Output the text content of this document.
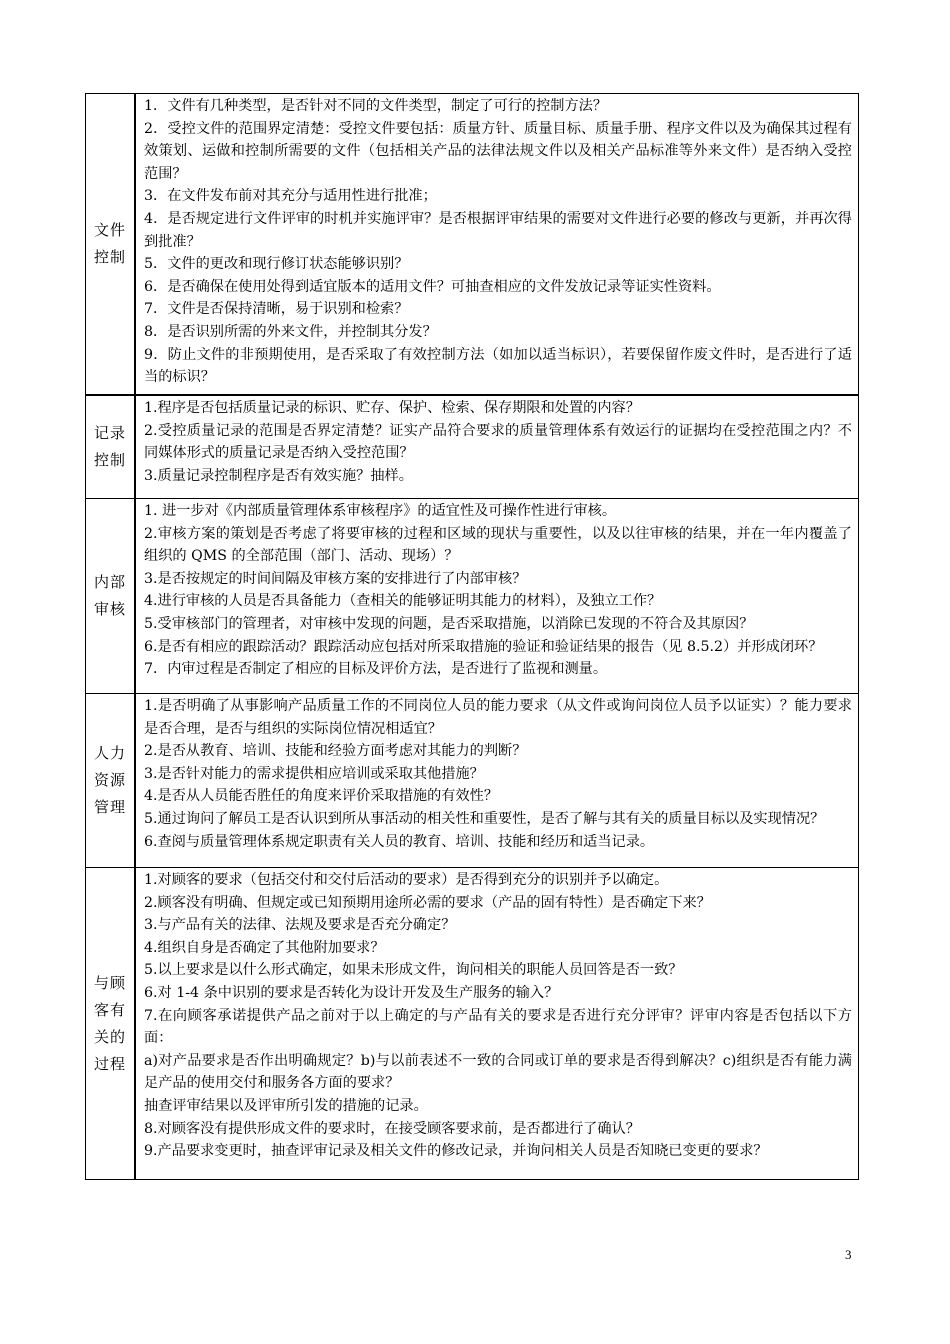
文件控制

1．文件有几种类型，是否针对不同的文件类型，制定了可行的控制方法？

2．受控文件的范围界定清楚：受控文件要包括：质量方针、质量目标、质量手册、程序文件以及为确保其过程有效策划、运做和控制所需要的文件（包括相关产品的法律法规文件以及相关产品标准等外来文件）是否纳入受控范围？

3．在文件发布前对其充分与适用性进行批准；

4．是否规定进行文件评审的时机并实施评审？是否根据评审结果的需要对文件进行必要的修改与更新，并再次得到批准？

5．文件的更改和现行修订状态能够识别？

6．是否确保在使用处得到适宜版本的适用文件？可抽查相应的文件发放记录等证实性资料。

7．文件是否保持清晰，易于识别和检索？

8．是否识别所需的外来文件，并控制其分发？

9．防止文件的非预期使用，是否采取了有效控制方法（如加以适当标识），若要保留作废文件时，是否进行了适当的标识？

记录控制

1.程序是否包括质量记录的标识、贮存、保护、检索、保存期限和处置的内容？

2.受控质量记录的范围是否界定清楚？证实产品符合要求的质量管理体系有效运行的证据均在受控范围之内？不同媒体形式的质量记录是否纳入受控范围？

3.质量记录控制程序是否有效实施？抽样。

内部审核

1. 进一步对《内部质量管理体系审核程序》的适宜性及可操作性进行审核。

2.审核方案的策划是否考虑了将要审核的过程和区域的现状与重要性，以及以往审核的结果，并在一年内覆盖了组织的 QMS 的全部范围（部门、活动、现场）？

3.是否按规定的时间间隔及审核方案的安排进行了内部审核？

4.进行审核的人员是否具备能力（查相关的能够证明其能力的材料），及独立工作？

5.受审核部门的管理者，对审核中发现的问题，是否采取措施，以消除已发现的不符合及其原因？

6.是否有相应的跟踪活动？跟踪活动应包括对所采取措施的验证和验证结果的报告（见 8.5.2）并形成闭环？

7．内审过程是否制定了相应的目标及评价方法，是否进行了监视和测量。

人力资源管理

1.是否明确了从事影响产品质量工作的不同岗位人员的能力要求（从文件或询问岗位人员予以证实）？能力要求是否合理，是否与组织的实际岗位情况相适宜？

2.是否从教育、培训、技能和经验方面考虑对其能力的判断？

3.是否针对能力的需求提供相应培训或采取其他措施？

4.是否从人员能否胜任的角度来评价采取措施的有效性？

5.通过询问了解员工是否认识到所从事活动的相关性和重要性，是否了解与其有关的质量目标以及实现情况？

6.查阅与质量管理体系规定职责有关人员的教育、培训、技能和经历和适当记录。

与顾客有关的过程

1.对顾客的要求（包括交付和交付后活动的要求）是否得到充分的识别并予以确定。

2.顾客没有明确、但规定或已知预期用途所必需的要求（产品的固有特性）是否确定下来？

3.与产品有关的法律、法规及要求是否充分确定？

4.组织自身是否确定了其他附加要求？

5.以上要求是以什么形式确定，如果未形成文件，询问相关的职能人员回答是否一致？

6.对 1-4 条中识别的要求是否转化为设计开发及生产服务的输入？

7.在向顾客承诺提供产品之前对于以上确定的与产品有关的要求是否进行充分评审？评审内容是否包括以下方面：

a)对产品要求是否作出明确规定？b)与以前表述不一致的合同或订单的要求是否得到解决？c)组织是否有能力满足产品的使用交付和服务各方面的要求？

抽查评审结果以及评审所引发的措施的记录。

8.对顾客没有提供形成文件的要求时，在接受顾客要求前，是否都进行了确认？

9.产品要求变更时，抽查评审记录及相关文件的修改记录，并询问相关人员是否知晓已变更的要求？

3
